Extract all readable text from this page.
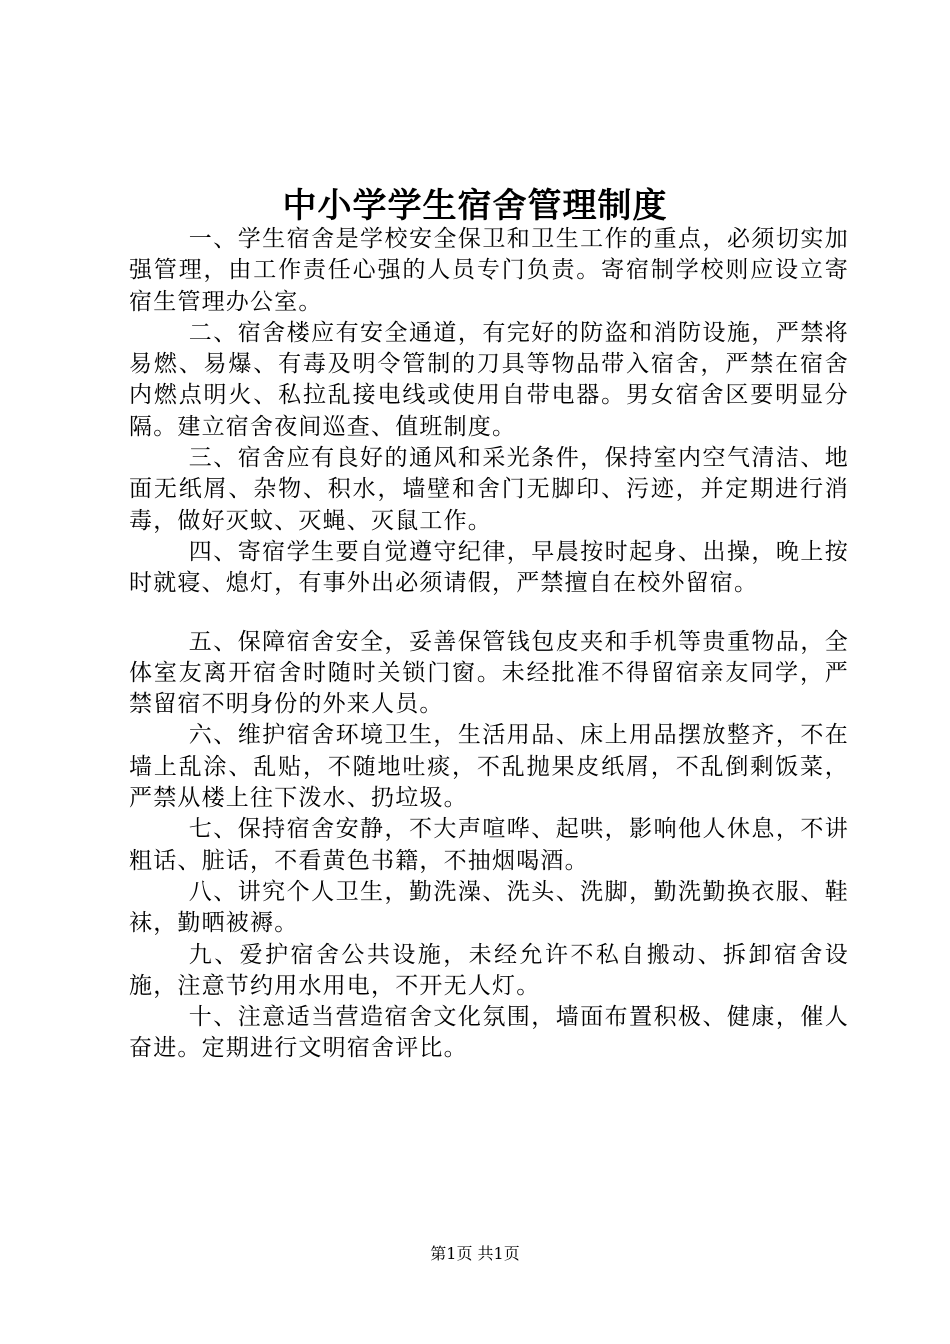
中小学学生宿舍管理制度

一、学生宿舍是学校安全保卫和卫生工作的重点，必须切实加强管理，由工作责任心强的人员专门负责。寄宿制学校则应设立寄宿生管理办公室。

二、宿舍楼应有安全通道，有完好的防盗和消防设施，严禁将易燃、易爆、有毒及明令管制的刀具等物品带入宿舍，严禁在宿舍内燃点明火、私拉乱接电线或使用自带电器。男女宿舍区要明显分隔。建立宿舍夜间巡查、值班制度。

三、宿舍应有良好的通风和采光条件，保持室内空气清洁、地面无纸屑、杂物、积水，墙壁和舍门无脚印、污迹，并定期进行消毒，做好灭蚊、灭蝇、灭鼠工作。

四、寄宿学生要自觉遵守纪律，早晨按时起身、出操，晚上按时就寝、熄灯，有事外出必须请假，严禁擅自在校外留宿。

五、保障宿舍安全，妥善保管钱包皮夹和手机等贵重物品，全体室友离开宿舍时随时关锁门窗。未经批准不得留宿亲友同学，严禁留宿不明身份的外来人员。

六、维护宿舍环境卫生，生活用品、床上用品摆放整齐，不在墙上乱涂、乱贴，不随地吐痰，不乱抛果皮纸屑，不乱倒剩饭菜，严禁从楼上往下泼水、扔垃圾。

七、保持宿舍安静，不大声喧哗、起哄，影响他人休息，不讲粗话、脏话，不看黄色书籍，不抽烟喝酒。

八、讲究个人卫生，勤洗澡、洗头、洗脚，勤洗勤换衣服、鞋袜，勤晒被褥。

九、爱护宿舍公共设施，未经允许不私自搬动、拆卸宿舍设施，注意节约用水用电，不开无人灯。

十、注意适当营造宿舍文化氛围，墙面布置积极、健康，催人奋进。定期进行文明宿舍评比。

第1页 共1页
